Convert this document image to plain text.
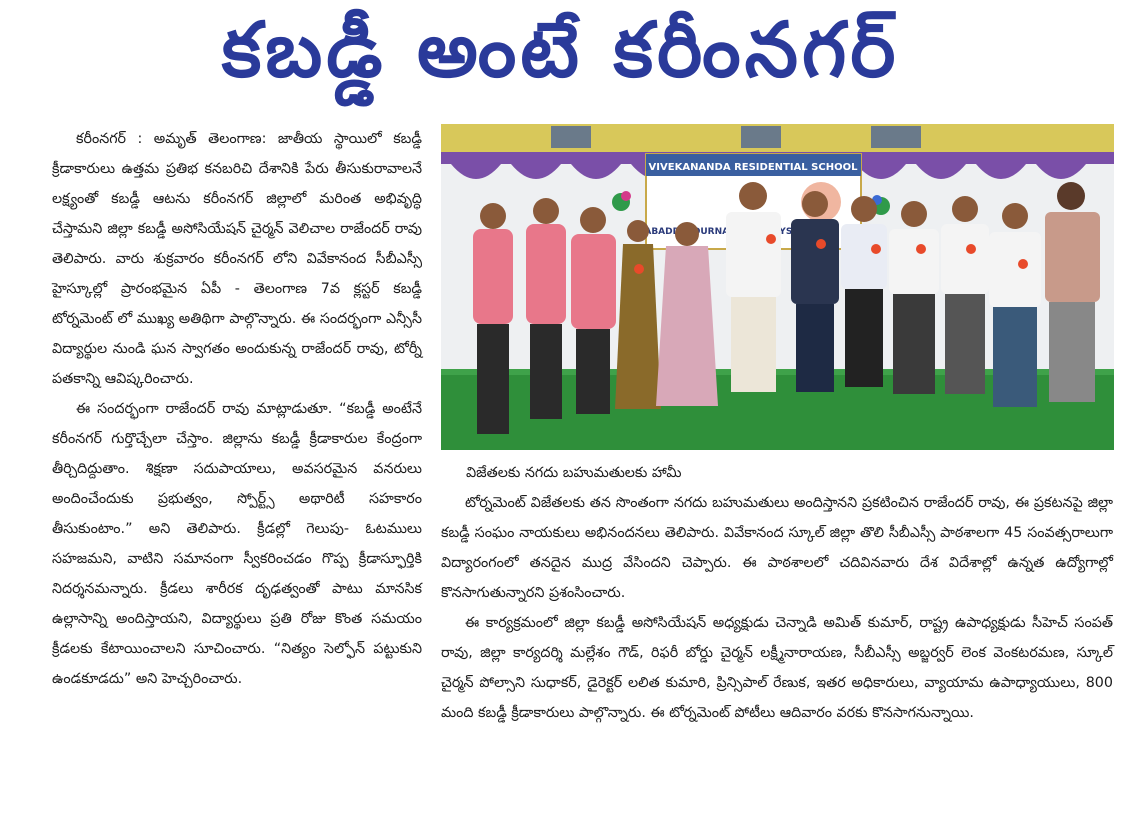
కబడ్డీ అంటే కరీంనగర్

కరీంనగర్ : అమృత్ తెలంగాణ: జాతీయ స్థాయిలో కబడ్డీ క్రీడాకారులు ఉత్తమ ప్రతిభ కనబరిచి దేశానికి పేరు తీసుకురావాలనే లక్ష్యంతో కబడ్డీ ఆటను కరీంనగర్ జిల్లాలో మరింత అభివృద్ధి చేస్తామని జిల్లా కబడ్డీ అసోసియేషన్ చైర్మన్ వెలిచాల రాజేందర్ రావు తెలిపారు. వారు శుక్రవారం కరీంనగర్ లోని వివేకానంద సీబీఎస్సీ హైస్కూల్లో ప్రారంభమైన ఏపీ - తెలంగాణ 7వ క్లస్టర్ కబడ్డీ టోర్నమెంట్ లో ముఖ్య అతిథిగా పాల్గొన్నారు. ఈ సందర్భంగా ఎన్సీసీ విద్యార్థుల నుండి ఘన స్వాగతం అందుకున్న రాజేందర్ రావు, టోర్నీ పతకాన్ని ఆవిష్కరించారు.

ఈ సందర్భంగా రాజేందర్ రావు మాట్లాడుతూ. “కబడ్డీ అంటేనే కరీంనగర్ గుర్తొచ్చేలా చేస్తాం. జిల్లాను కబడ్డీ క్రీడాకారుల కేంద్రంగా తీర్చిదిద్దుతాం. శిక్షణా సదుపాయాలు, అవసరమైన వనరులు అందించేందుకు ప్రభుత్వం, స్పోర్ట్స్ అథారిటీ సహకారం తీసుకుంటాం.” అని తెలిపారు. క్రీడల్లో గెలుపు- ఓటములు సహజమని, వాటిని సమానంగా స్వీకరించడం గొప్ప క్రీడాస్ఫూర్తికి నిదర్శనమన్నారు. క్రీడలు శారీరక దృఢత్వంతో పాటు మానసిక ఉల్లాసాన్ని అందిస్తాయని, విద్యార్థులు ప్రతి రోజు కొంత సమయం క్రీడలకు కేటాయించాలని సూచించారు. “నిత్యం సెల్ఫోన్ పట్టుకుని ఉండకూడదు” అని హెచ్చరించారు.

VIVEKANANDA RESIDENTIAL SCHOOL
KABADDI TOURNAMENT
విజేతలకు నగదు బహుమతులకు హామీ

టోర్నమెంట్ విజేతలకు తన సొంతంగా నగదు బహుమతులు అందిస్తానని ప్రకటించిన రాజేందర్ రావు, ఈ ప్రకటనపై జిల్లా కబడ్డీ సంఘం నాయకులు అభినందనలు తెలిపారు. వివేకానంద స్కూల్ జిల్లా తొలి సీబీఎస్సీ పాఠశాలగా 45 సంవత్సరాలుగా విద్యారంగంలో తనదైన ముద్ర వేసిందని చెప్పారు. ఈ పాఠశాలలో చదివినవారు దేశ విదేశాల్లో ఉన్నత ఉద్యోగాల్లో కొనసాగుతున్నారని ప్రశంసించారు.

ఈ కార్యక్రమంలో జిల్లా కబడ్డీ అసోసియేషన్ అధ్యక్షుడు చెన్నాడి అమిత్ కుమార్, రాష్ట్ర ఉపాధ్యక్షుడు సీహెచ్ సంపత్ రావు, జిల్లా కార్యదర్శి మల్లేశం గౌడ్, రిఫరీ బోర్డు చైర్మన్ లక్ష్మీనారాయణ, సీబీఎస్సీ అబ్జర్వర్ లెంక వెంకటరమణ, స్కూల్ చైర్మన్ పోల్సాని సుధాకర్, డైరెక్టర్ లలిత కుమారి, ప్రిన్సిపాల్ రేణుక, ఇతర అధికారులు, వ్యాయామ ఉపాధ్యాయులు, 800 మంది కబడ్డీ క్రీడాకారులు పాల్గొన్నారు. ఈ టోర్నమెంట్ పోటీలు ఆదివారం వరకు కొనసాగనున్నాయి.
